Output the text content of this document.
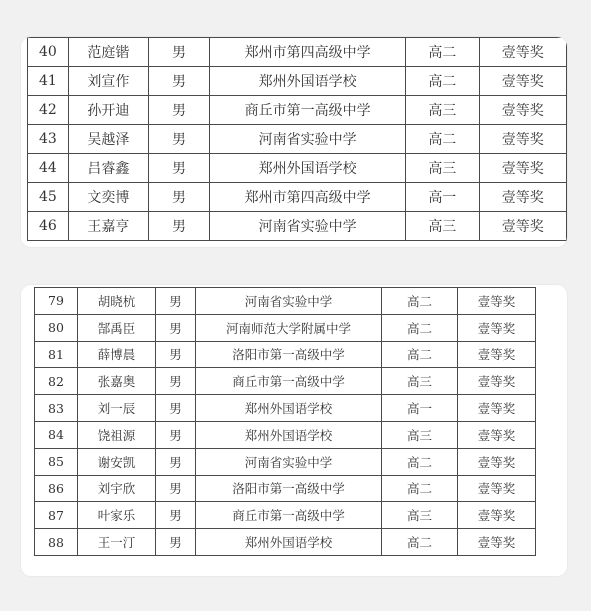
40	范庭锴	男	郑州市第四高级中学	高二	壹等奖
41	刘宣作	男	郑州外国语学校	高二	壹等奖
42	孙开迪	男	商丘市第一高级中学	高三	壹等奖
43	吴越泽	男	河南省实验中学	高二	壹等奖
44	吕睿鑫	男	郑州外国语学校	高三	壹等奖
45	文奕博	男	郑州市第四高级中学	高一	壹等奖
46	王嘉亨	男	河南省实验中学	高三	壹等奖
79	胡晓杭	男	河南省实验中学	高二	壹等奖
80	郜禹臣	男	河南师范大学附属中学	高二	壹等奖
81	薛博晨	男	洛阳市第一高级中学	高二	壹等奖
82	张嘉奥	男	商丘市第一高级中学	高三	壹等奖
83	刘一辰	男	郑州外国语学校	高一	壹等奖
84	饶祖源	男	郑州外国语学校	高三	壹等奖
85	谢安凯	男	河南省实验中学	高二	壹等奖
86	刘宇欣	男	洛阳市第一高级中学	高二	壹等奖
87	叶家乐	男	商丘市第一高级中学	高三	壹等奖
88	王一汀	男	郑州外国语学校	高二	壹等奖
